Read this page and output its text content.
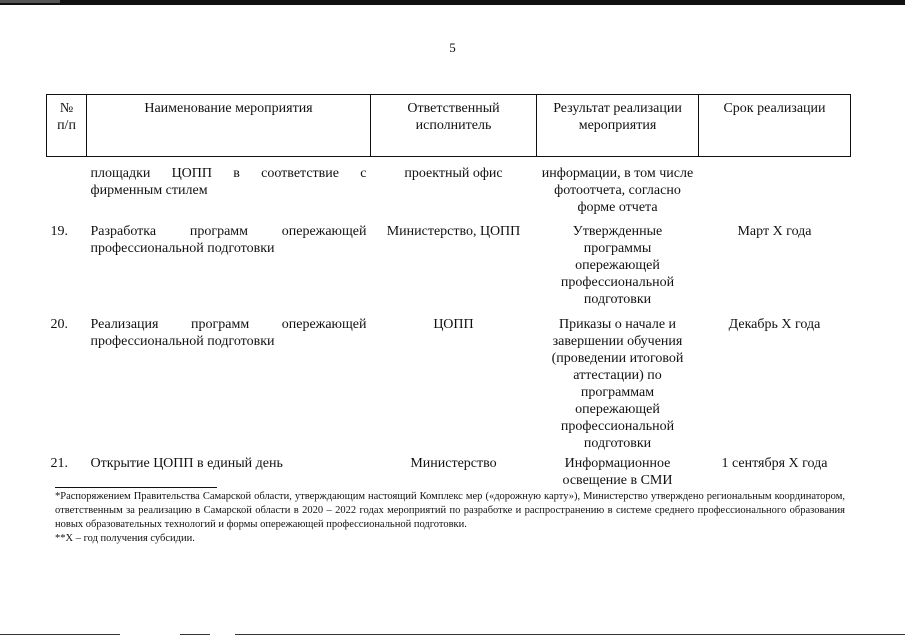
5
№
п/п	Наименование мероприятия	Ответственный исполнитель	Результат реализации мероприятия	Срок реализации
	площадки ЦОПП в соответствие с фирменным стилем	проектный офис	информации, в том числе фотоотчета, согласно форме отчета	
19.	Разработка программ опережающей профессиональной подготовки	Министерство, ЦОПП	Утвержденные программы опережающей профессиональной подготовки	Март Х года
20.	Реализация программ опережающей профессиональной подготовки	ЦОПП	Приказы о начале и завершении обучения (проведении итоговой аттестации) по программам опережающей профессиональной подготовки	Декабрь Х года
21.	Открытие ЦОПП в единый день	Министерство	Информационное освещение в СМИ	1 сентября Х года

*Распоряжением Правительства Самарской области, утверждающим настоящий Комплекс мер («дорожную карту»), Министерство утверждено региональным координатором, ответственным за реализацию в Самарской области в 2020 – 2022 годах мероприятий по разработке и распространению в системе среднего профессионального образования новых образовательных технологий и формы опережающей профессиональной подготовки.

**Х – год получения субсидии.
